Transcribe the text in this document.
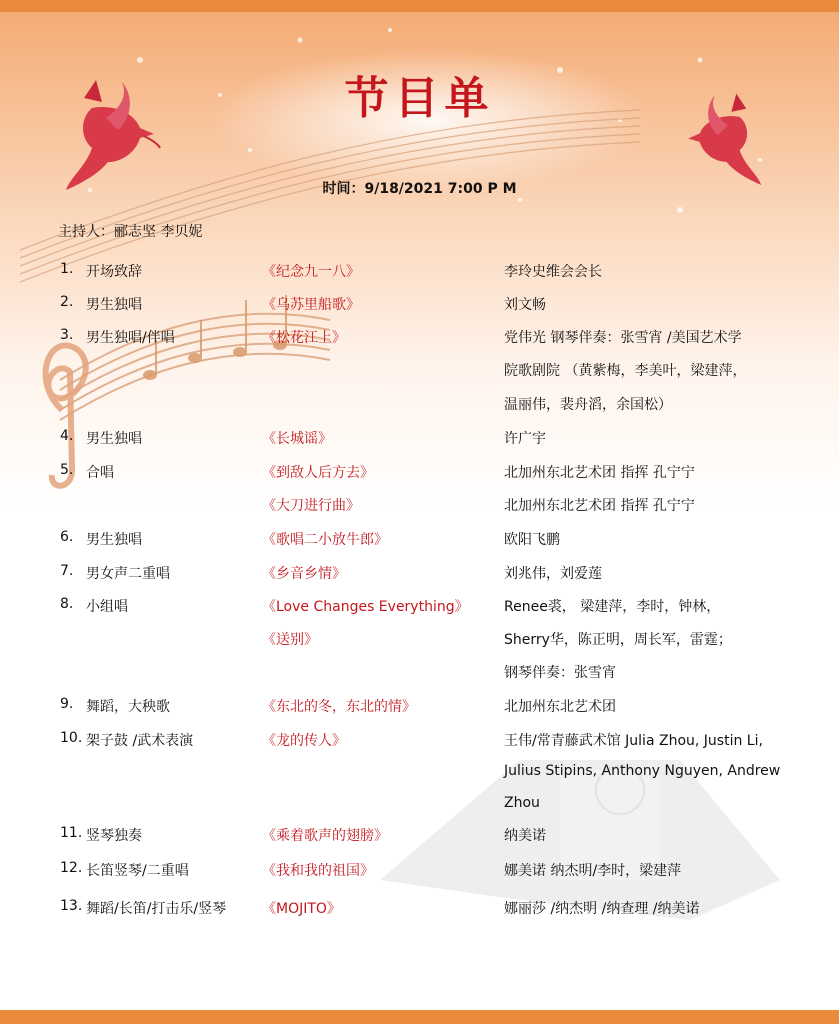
节目单
时间：9/18/2021 7:00 P M
主持人：郦志坚 李贝妮
1. 开场致辞	《纪念九一八》	李玲史维会会长
2. 男生独唱	《乌苏里船歌》	刘文畅
3. 男生独唱/伴唱	《松花江上》	党伟光 钢琴伴奏：张雪宵 /美国艺术学
院歌剧院 （黄紫梅，李美叶，梁建萍，
温丽伟，裴舟滔，余国松）
4. 男生独唱	《长城谣》	许广宇
5. 合唱	《到敌人后方去》	北加州东北艺术团 指挥 孔宁宁
《大刀进行曲》	北加州东北艺术团 指挥 孔宁宁
6. 男生独唱	《歌唱二小放牛郎》	欧阳飞鹏
7. 男女声二重唱	《乡音乡情》	刘兆伟，刘爱莲
8. 小组唱	《Love Changes Everything》	Renee裘， 梁建萍，李时，钟林，
《送别》	Sherry华，陈正明，周长军，雷霆；
钢琴伴奏：张雪宵
9. 舞蹈，大秧歌	《东北的冬，东北的情》	北加州东北艺术团
10. 架子鼓 /武术表演	《龙的传人》	王伟/常青藤武术馆 Julia Zhou, Justin Li,
Julius Stipins, Anthony Nguyen, Andrew
Zhou
11. 竖琴独奏	《乘着歌声的翅膀》	纳美诺
12. 长笛竖琴/二重唱	《我和我的祖国》	娜美诺 纳杰明/李时，梁建萍
13. 舞蹈/长笛/打击乐/竖琴	《MOJITO》	娜丽莎 /纳杰明 /纳查理 /纳美诺
